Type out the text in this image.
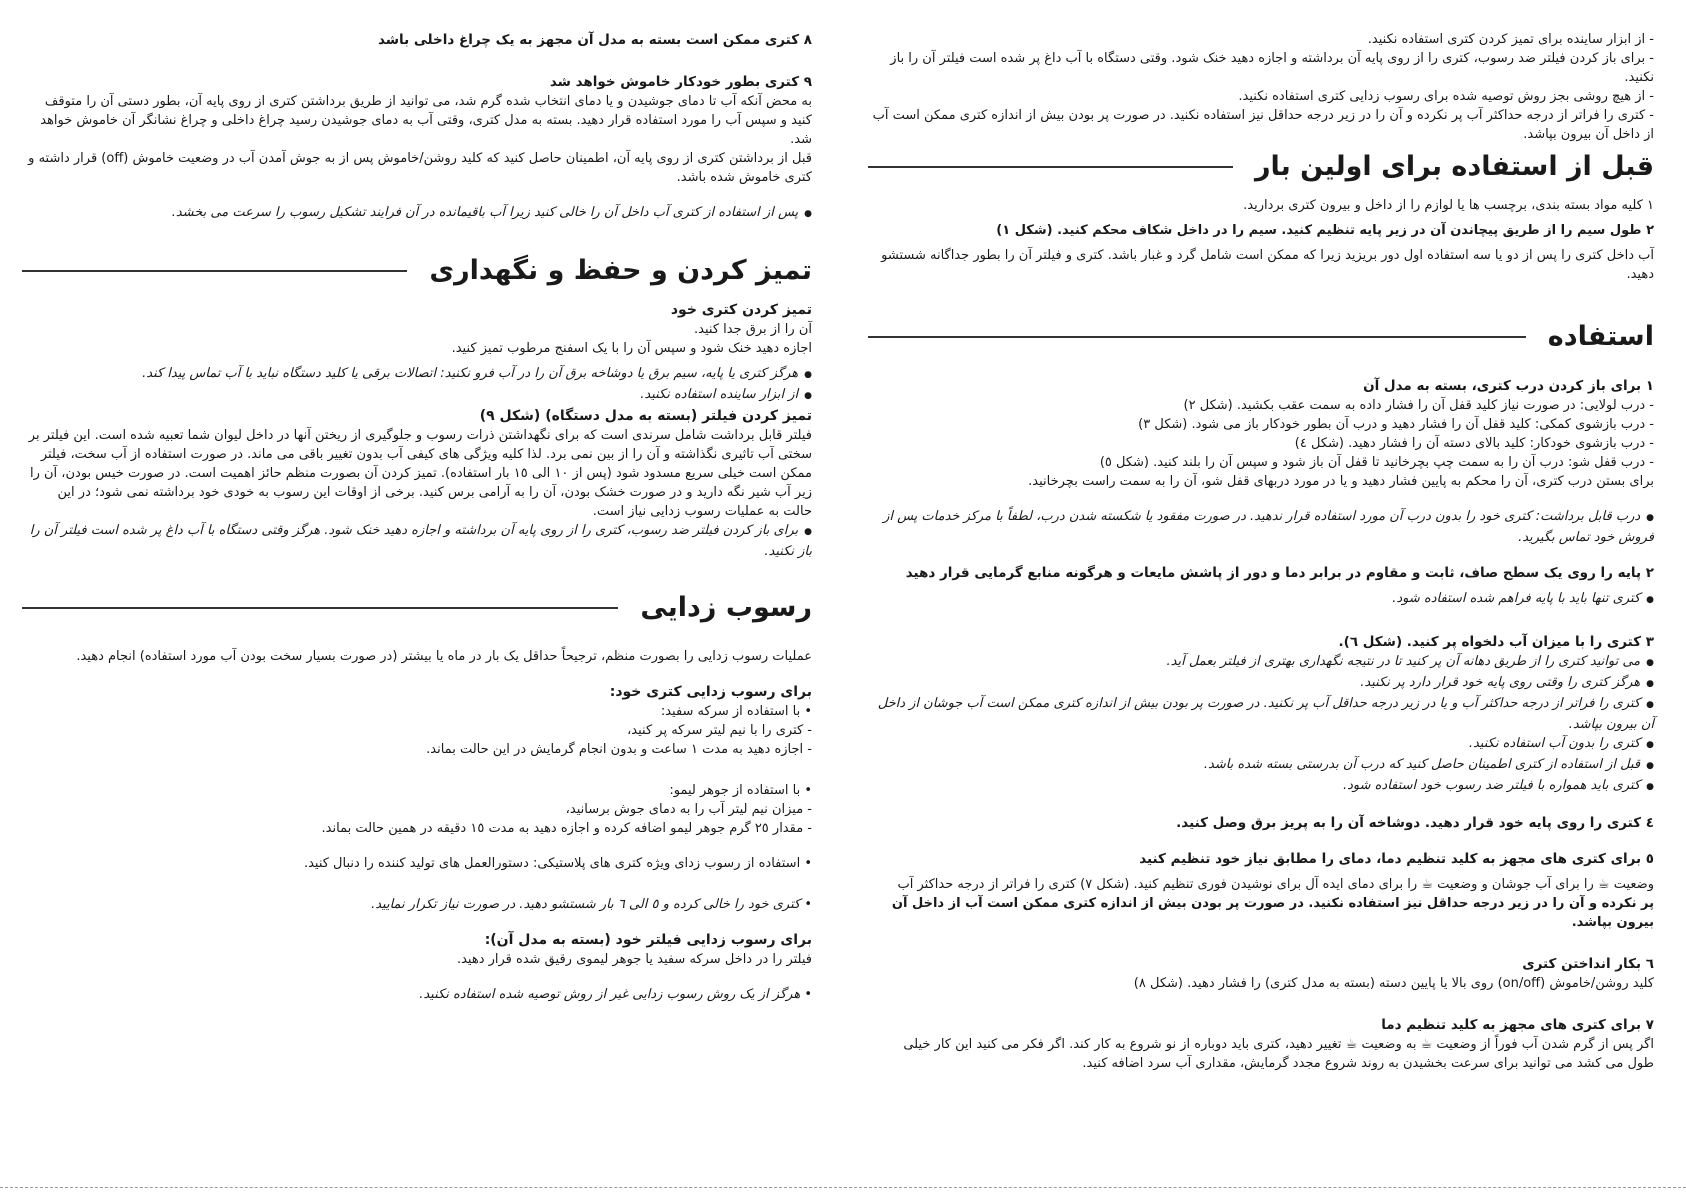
- از ابزار ساینده برای تمیز کردن کتری استفاده نکنید.

- برای باز کردن فیلتر ضد رسوب، کتری را از روی پایه آن برداشته و اجازه دهید خنک شود. وقتی دستگاه با آب داغ پر شده است فیلتر آن را باز نکنید.

- از هیچ روشی بجز روش توصیه شده برای رسوب زدایی کتری استفاده نکنید.

- کتری را فراتر از درجه حداکثر آب پر نکرده و آن را در زیر درجه حداقل نیز استفاده نکنید. در صورت پر بودن بیش از اندازه کتری ممکن است آب از داخل آن بیرون بپاشد.

قبل از استفاده برای اولین بار

١ کلیه مواد بسته بندی، برچسب ها یا لوازم را از داخل و بیرون کتری بردارید.

٢ طول سیم را از طریق پیچاندن آن در زیر پایه تنظیم کنید. سیم را در داخل شکاف محکم کنید. (شکل ١)

آب داخل کتری را پس از دو یا سه استفاده اول دور بریزید زیرا که ممکن است شامل گرد و غبار باشد. کتری و فیلتر آن را بطور جداگانه شستشو دهید.

استفاده

١ برای باز کردن درب کتری، بسته به مدل آن

- درب لولایی: در صورت نیاز کلید قفل آن را فشار داده به سمت عقب بکشید. (شکل ٢)

- درب بازشوی کمکی: کلید قفل آن را فشار دهید و درب آن بطور خودکار باز می شود. (شکل ٣)

- درب بازشوی خودکار: کلید بالای دسته آن را فشار دهید. (شکل ٤)

- درب قفل شو: درب آن را به سمت چپ بچرخانید تا قفل آن باز شود و سپس آن را بلند کنید. (شکل ٥)

برای بستن درب کتری، آن را محکم به پایین فشار دهید و یا در مورد دربهای قفل شو، آن را به سمت راست بچرخانید.

● درب قابل برداشت: کتری خود را بدون درب آن مورد استفاده قرار ندهید. در صورت مفقود یا شکسته شدن درب، لطفاً با مرکز خدمات پس از فروش خود تماس بگیرید.

٢ پایه را روی یک سطح صاف، ثابت و مقاوم در برابر دما و دور از پاشش مایعات و هرگونه منابع گرمایی قرار دهید

● کتری تنها باید با پایه فراهم شده استفاده شود.

٣ کتری را با میزان آب دلخواه پر کنید. (شکل ٦).

● می توانید کتری را از طریق دهانه آن پر کنید تا در نتیجه نگهداری بهتری از فیلتر بعمل آید.

● هرگز کتری را وقتی روی پایه خود قرار دارد پر نکنید.

● کتری را فراتر از درجه حداکثر آب و یا در زیر درجه حداقل آب پر نکنید. در صورت پر بودن بیش از اندازه کتری ممکن است آب جوشان از داخل آن بیرون بپاشد.

● کتری را بدون آب استفاده نکنید.

● قبل از استفاده از کتری اطمینان حاصل کنید که درب آن بدرستی بسته شده باشد.

● کتری باید همواره با فیلتر ضد رسوب خود استفاده شود.

٤ کتری را روی پایه خود قرار دهید. دوشاخه آن را به پریز برق وصل کنید.

٥ برای کتری های مجهز به کلید تنظیم دما، دمای را مطابق نیاز خود تنظیم کنید

وضعیت ☕ را برای آب جوشان و وضعیت ☕ را برای دمای ایده آل برای نوشیدن فوری تنظیم کنید. (شکل ٧) کتری را فراتر از درجه حداکثر آب

پر نکرده و آن را در زیر درجه حداقل نیز استفاده نکنید. در صورت پر بودن بیش از اندازه کتری ممکن است آب از داخل آن بیرون بپاشد.

٦ بکار انداختن کتری

کلید روشن/خاموش (on/off) روی بالا یا پایین دسته (بسته به مدل کتری) را فشار دهید. (شکل ٨)

٧ برای کتری های مجهز به کلید تنظیم دما

اگر پس از گرم شدن آب فوراً از وضعیت ☕ به وضعیت ☕ تغییر دهید، کتری باید دوباره از نو شروع به کار کند. اگر فکر می کنید این کار خیلی

طول می کشد می توانید برای سرعت بخشیدن به روند شروع مجدد گرمایش، مقداری آب سرد اضافه کنید.

٨ کتری ممکن است بسته به مدل آن مجهز به یک چراغ داخلی باشد

٩ کتری بطور خودکار خاموش خواهد شد

به محض آنکه آب تا دمای جوشیدن و یا دمای انتخاب شده گرم شد، می توانید از طریق برداشتن کتری از روی پایه آن، بطور دستی آن را متوقف

کنید و سپس آب را مورد استفاده قرار دهید. بسته به مدل کتری، وقتی آب به دمای جوشیدن رسید چراغ داخلی و چراغ نشانگر آن خاموش خواهد شد.

قبل از برداشتن کتری از روی پایه آن، اطمینان حاصل کنید که کلید روشن/خاموش پس از به جوش آمدن آب در وضعیت خاموش (off) قرار داشته و

کتری خاموش شده باشد.

● پس از استفاده از کتری آب داخل آن را خالی کنید زیرا آب باقیمانده در آن فرایند تشکیل رسوب را سرعت می بخشد.

تمیز کردن و حفظ و نگهداری

تمیز کردن کتری خود

آن را از برق جدا کنید.

اجازه دهید خنک شود و سپس آن را با یک اسفنج مرطوب تمیز کنید.

● هرگز کتری یا پایه، سیم برق یا دوشاخه برق آن را در آب فرو نکنید: اتصالات برقی یا کلید دستگاه نباید با آب تماس پیدا کند.

● از ابزار ساینده استفاده نکنید.

تمیز کردن فیلتر (بسته به مدل دستگاه) (شکل ٩)

فیلتر قابل برداشت شامل سرندی است که برای نگهداشتن ذرات رسوب و جلوگیری از ریختن آنها در داخل لیوان شما تعبیه شده است. این فیلتر بر

سختی آب تاثیری نگذاشته و آن را از بین نمی برد. لذا کلیه ویژگی های کیفی آب بدون تغییر باقی می ماند. در صورت استفاده از آب سخت، فیلتر

ممکن است خیلی سریع مسدود شود (پس از ١٠ الی ١٥ بار استفاده). تمیز کردن آن بصورت منظم حائز اهمیت است. در صورت خیس بودن، آن را

زیر آب شیر نگه دارید و در صورت خشک بودن، آن را به آرامی برس کنید. برخی از اوقات این رسوب به خودی خود برداشته نمی شود؛ در این

حالت به عملیات رسوب زدایی نیاز است.

● برای باز کردن فیلتر ضد رسوب، کتری را از روی پایه آن برداشته و اجازه دهید خنک شود. هرگز وقتی دستگاه با آب داغ پر شده است فیلتر آن را باز نکنید.

رسوب زدایی

عملیات رسوب زدایی را بصورت منظم، ترجیحاً حداقل یک بار در ماه یا بیشتر (در صورت بسیار سخت بودن آب مورد استفاده) انجام دهید.

برای رسوب زدایی کتری خود:

• با استفاده از سرکه سفید:

- کتری را با نیم لیتر سرکه پر کنید،

- اجازه دهید به مدت ١ ساعت و بدون انجام گرمایش در این حالت بماند.

• با استفاده از جوهر لیمو:

- میزان نیم لیتر آب را به دمای جوش برسانید،

- مقدار ٢٥ گرم جوهر لیمو اضافه کرده و اجازه دهید به مدت ١٥ دقیقه در همین حالت بماند.

• استفاده از رسوب زدای ویژه کتری های پلاستیکی: دستورالعمل های تولید کننده را دنبال کنید.

• کتری خود را خالی کرده و ٥ الی ٦ بار شستشو دهید. در صورت نیاز تکرار نمایید.

برای رسوب زدایی فیلتر خود (بسته به مدل آن):

فیلتر را در داخل سرکه سفید یا جوهر لیموی رقیق شده قرار دهید.

• هرگز از یک روش رسوب زدایی غیر از روش توصیه شده استفاده نکنید.
